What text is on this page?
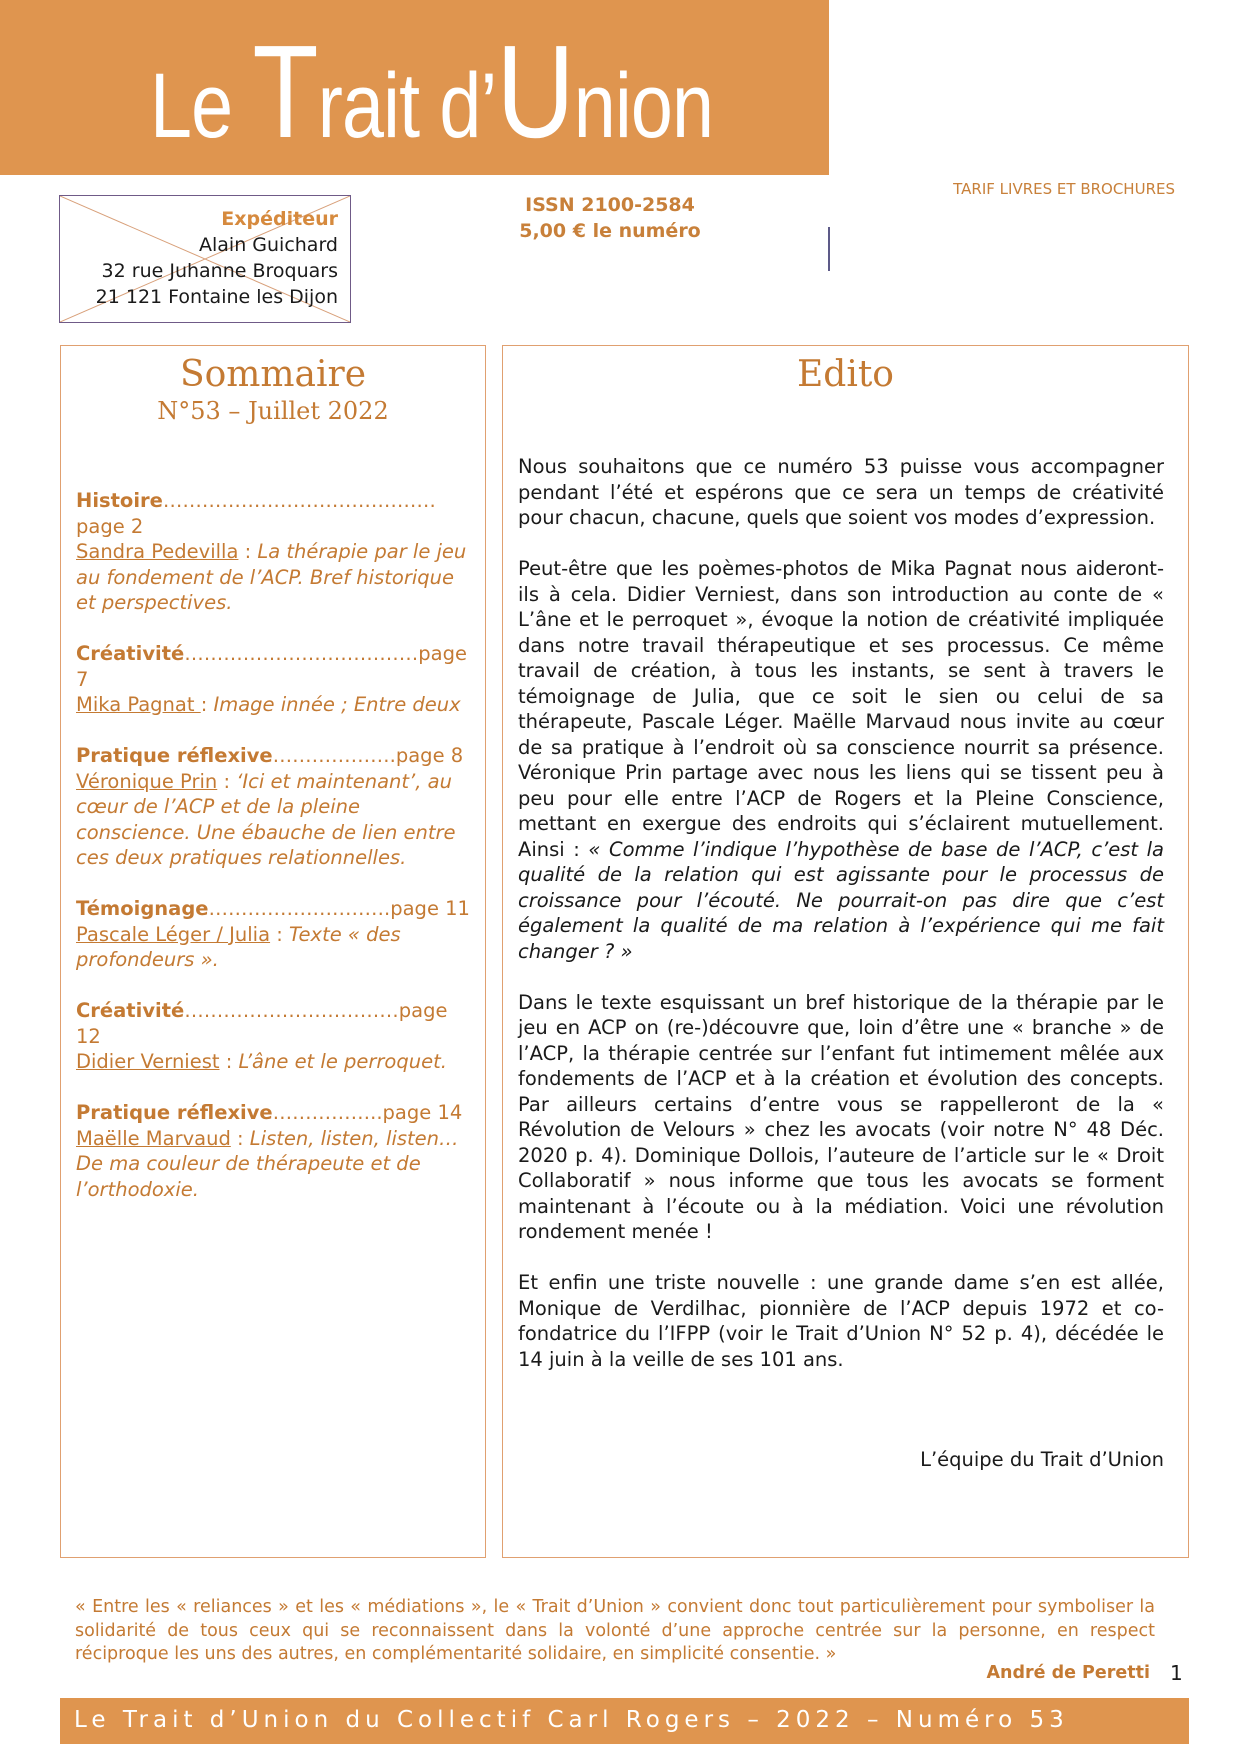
Le Trait d’Union
Expéditeur
Alain Guichard
32 rue Juhanne Broquars
21 121 Fontaine les Dijon
ISSN 2100-2584
5,00 € le numéro
TARIF LIVRES ET BROCHURES
Sommaire
N°53 – Juillet 2022
Histoire……………………………………page 2
Sandra Pedevilla : La thérapie par le jeu au fondement de l’ACP. Bref historique et perspectives.
Créativité………………………………page 7
Mika Pagnat : Image innée ; Entre deux
Pratique réflexive……………….page 8
Véronique Prin : ‘Ici et maintenant’, au cœur de l’ACP et de la pleine conscience. Une ébauche de lien entre ces deux pratiques relationnelles.
Témoignage……………………….page 11
Pascale Léger / Julia : Texte « des profondeurs ».
Créativité……………………………page 12
Didier Verniest : L’âne et le perroquet.
Pratique réflexive……………..page 14
Maëlle Marvaud : Listen, listen, listen… De ma couleur de thérapeute et de l’orthodoxie.
Edito

Nous souhaitons que ce numéro 53 puisse vous accompagner pendant l’été et espérons que ce sera un temps de créativité pour chacun, chacune, quels que soient vos modes d’expression.

Peut-être que les poèmes-photos de Mika Pagnat nous aideront-ils à cela. Didier Verniest, dans son introduction au conte de « L’âne et le perroquet », évoque la notion de créativité impliquée dans notre travail thérapeutique et ses processus. Ce même travail de création, à tous les instants, se sent à travers le témoignage de Julia, que ce soit le sien ou celui de sa thérapeute, Pascale Léger. Maëlle Marvaud nous invite au cœur de sa pratique à l’endroit où sa conscience nourrit sa présence. Véronique Prin partage avec nous les liens qui se tissent peu à peu pour elle entre l’ACP de Rogers et la Pleine Conscience, mettant en exergue des endroits qui s’éclairent mutuellement. Ainsi : « Comme l’indique l’hypothèse de base de l’ACP, c’est la qualité de la relation qui est agissante pour le processus de croissance pour l’écouté. Ne pourrait-on pas dire que c’est également la qualité de ma relation à l’expérience qui me fait changer ? »

Dans le texte esquissant un bref historique de la thérapie par le jeu en ACP on (re-)découvre que, loin d’être une « branche » de l’ACP, la thérapie centrée sur l’enfant fut intimement mêlée aux fondements de l’ACP et à la création et évolution des concepts. Par ailleurs certains d’entre vous se rappelleront de la « Révolution de Velours » chez les avocats (voir notre N° 48 Déc. 2020 p. 4). Dominique Dollois, l’auteure de l’article sur le « Droit Collaboratif » nous informe que tous les avocats se forment maintenant à l’écoute ou à la médiation. Voici une révolution rondement menée !

Et enfin une triste nouvelle : une grande dame s’en est allée, Monique de Verdilhac, pionnière de l’ACP depuis 1972 et co-fondatrice du l’IFPP (voir le Trait d’Union N° 52 p. 4), décédée le 14 juin à la veille de ses 101 ans.

L’équipe du Trait d’Union
« Entre les « reliances » et les « médiations », le « Trait d’Union » convient donc tout particulièrement pour symboliser la solidarité de tous ceux qui se reconnaissent dans la volonté d’une approche centrée sur la personne, en respect réciproque les uns des autres, en complémentarité solidaire, en simplicité consentie. »
André de Peretti 1
Le Trait d’Union du Collectif Carl Rogers – 2022 – Numéro 53
